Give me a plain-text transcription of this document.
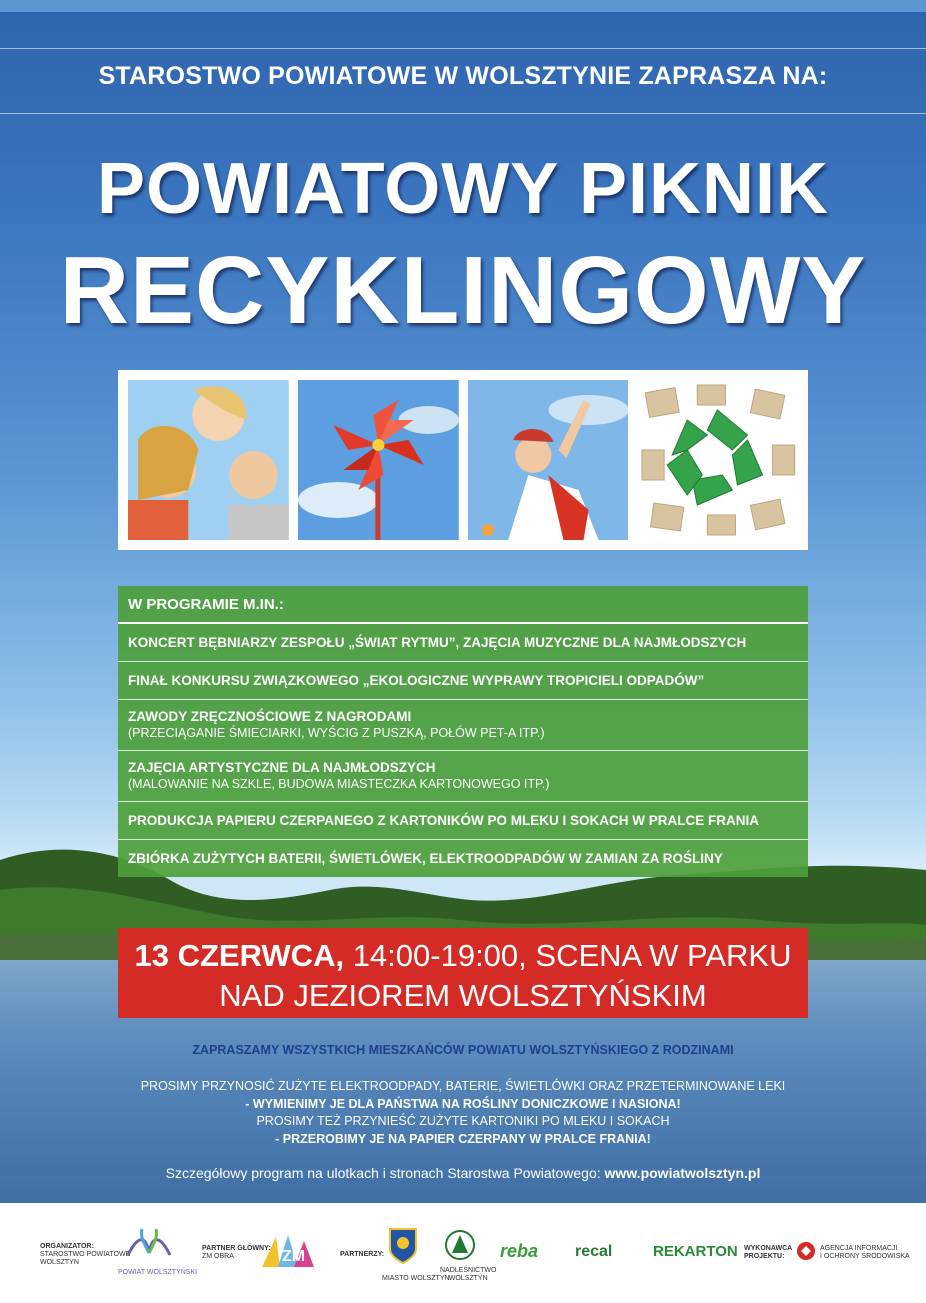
STAROSTWO POWIATOWE W WOLSZTYNIE ZAPRASZA NA:
POWIATOWY PIKNIK
RECYKLINGOWY
W PROGRAMIE M.IN.:
KONCERT BĘBNIARZY ZESPOŁU „ŚWIAT RYTMU”, ZAJĘCIA MUZYCZNE DLA NAJMŁODSZYCH
FINAŁ KONKURSU ZWIĄZKOWEGO „EKOLOGICZNE WYPRAWY TROPICIELI ODPADÓW”
ZAWODY ZRĘCZNOŚCIOWE Z NAGRODAMI
(PRZECIĄGANIE ŚMIECIARKI, WYŚCIG Z PUSZKĄ, POŁÓW PET-A ITP.)
ZAJĘCIA ARTYSTYCZNE DLA NAJMŁODSZYCH
(MALOWANIE NA SZKLE, BUDOWA MIASTECZKA KARTONOWEGO ITP.)
PRODUKCJA PAPIERU CZERPANEGO Z KARTONIKÓW PO MLEKU I SOKACH W PRALCE FRANIA
ZBIÓRKA ZUŻYTYCH BATERII, ŚWIETLÓWEK, ELEKTROODPADÓW W ZAMIAN ZA ROŚLINY
13 CZERWCA, 14:00-19:00, SCENA W PARKU
NAD JEZIOREM WOLSZTYŃSKIM
ZAPRASZAMY WSZYSTKICH MIESZKAŃCÓW POWIATU WOLSZTYŃSKIEGO Z RODZINAMI
PROSIMY PRZYNOSIĆ ZUŻYTE ELEKTROODPADY, BATERIE, ŚWIETLÓWKI ORAZ PRZETERMINOWANE LEKI
- WYMIENIMY JE DLA PAŃSTWA NA ROŚLINY DONICZKOWE I NASIONA!
PROSIMY TEŻ PRZYNIEŚĆ ZUŻYTE KARTONIKI PO MLEKU I SOKACH
- PRZEROBIMY JE NA PAPIER CZERPANY W PRALCE FRANIA!
Szczegółowy program na ulotkach i stronach Starostwa Powiatowego: www.powiatwolsztyn.pl
ORGANIZATOR:
STAROSTWO POWIATOWE
WOLSZTYN
POWIAT WOLSZTYŃSKI
PARTNER GŁÓWNY:
ZM OBRA	ZM	PARTNERZY:
MIASTO WOLSZTYN
NADLEŚNICTWO
WOLSZTYN
reba recal	REKARTON WYKONAWCA
PROJEKTU:
AGENCJA INFORMACJI
I OCHRONY ŚRODOWISKA
